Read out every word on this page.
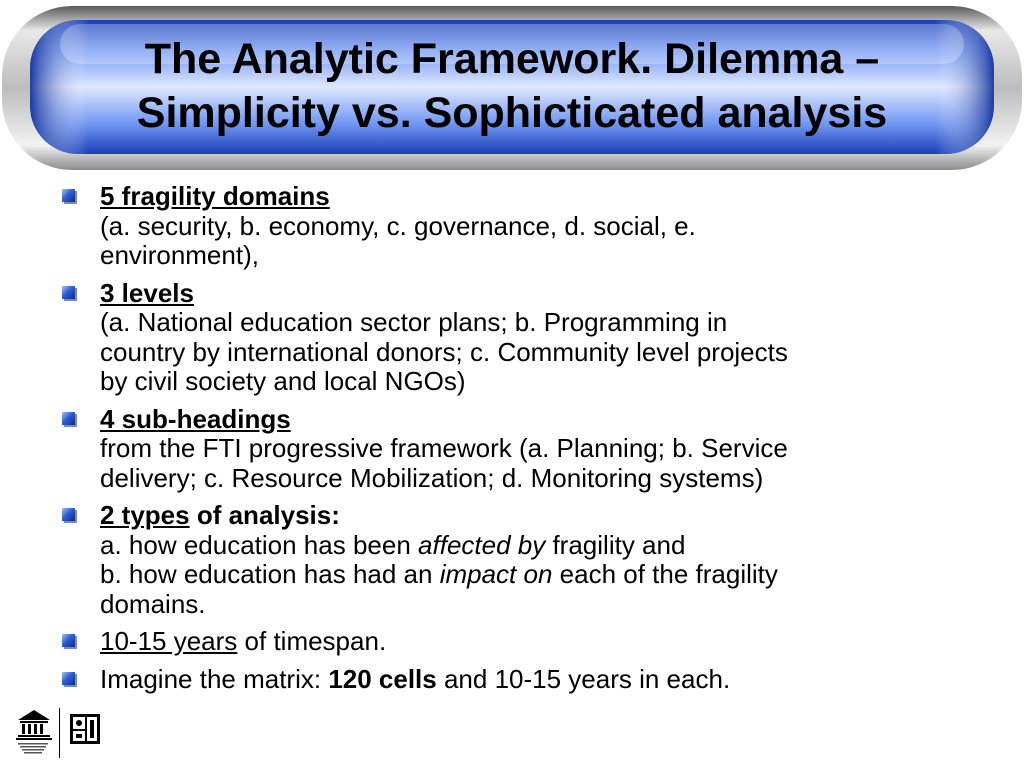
The Analytic Framework. Dilemma –
Simplicity vs. Sophicticated analysis
5 fragility domains
(a. security, b. economy, c. governance, d. social, e.
environment),
3 levels
(a. National education sector plans; b. Programming in
country by international donors; c. Community level projects
by civil society and local NGOs)
4 sub-headings
from the FTI progressive framework (a. Planning; b. Service
delivery; c. Resource Mobilization; d. Monitoring systems)
2 types of analysis:
a. how education has been affected by fragility and
b. how education has had an impact on each of the fragility
domains.
10-15 years of timespan.
Imagine the matrix: 120 cells and 10-15 years in each.
